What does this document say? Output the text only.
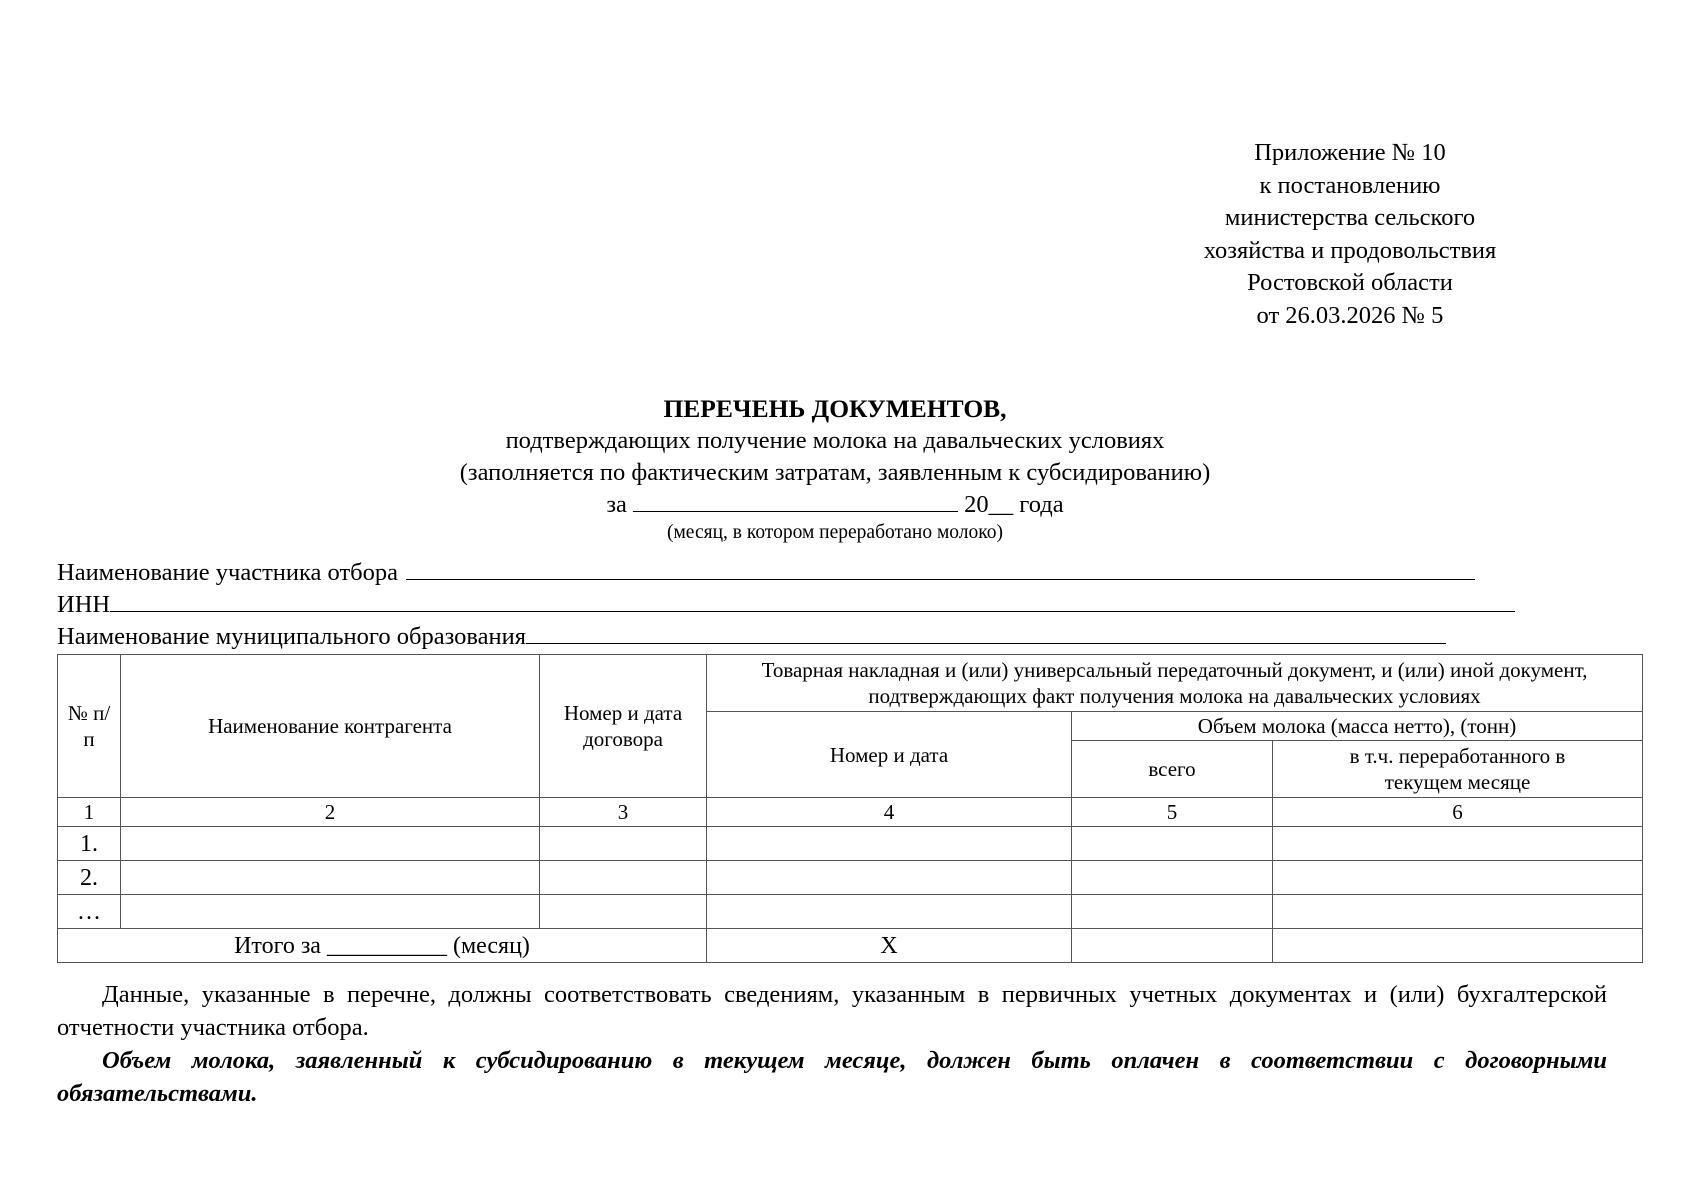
Приложение № 10
к постановлению
министерства сельского
хозяйства и продовольствия
Ростовской области
от 26.03.2026 № 5
ПЕРЕЧЕНЬ ДОКУМЕНТОВ,
подтверждающих получение молока на давальческих условиях
(заполняется по фактическим затратам, заявленным к субсидированию)
за	20__ года
(месяц, в котором переработано молоко)
Наименование участника отбора
ИНН
Наименование муниципального образования
№ п/п	Наименование контрагента	Номер и дата договора	Товарная накладная и (или) универсальный передаточный документ, и (или) иной документ, подтверждающих факт получения молока на давальческих условиях		
			Номер и дата	Объем молока (масса нетто), (тонн)	
				всего	в т.ч. переработанного в текущем месяце
1	2	3	4	5	6
1.					
2.					
…					
Итого за __________ (месяц)			Х		

Данные, указанные в перечне, должны соответствовать сведениям, указанным в первичных учетных документах и (или) бухгалтерской отчетности участника отбора.

Объем молока, заявленный к субсидированию в текущем месяце, должен быть оплачен в соответствии с договорными обязательствами.
